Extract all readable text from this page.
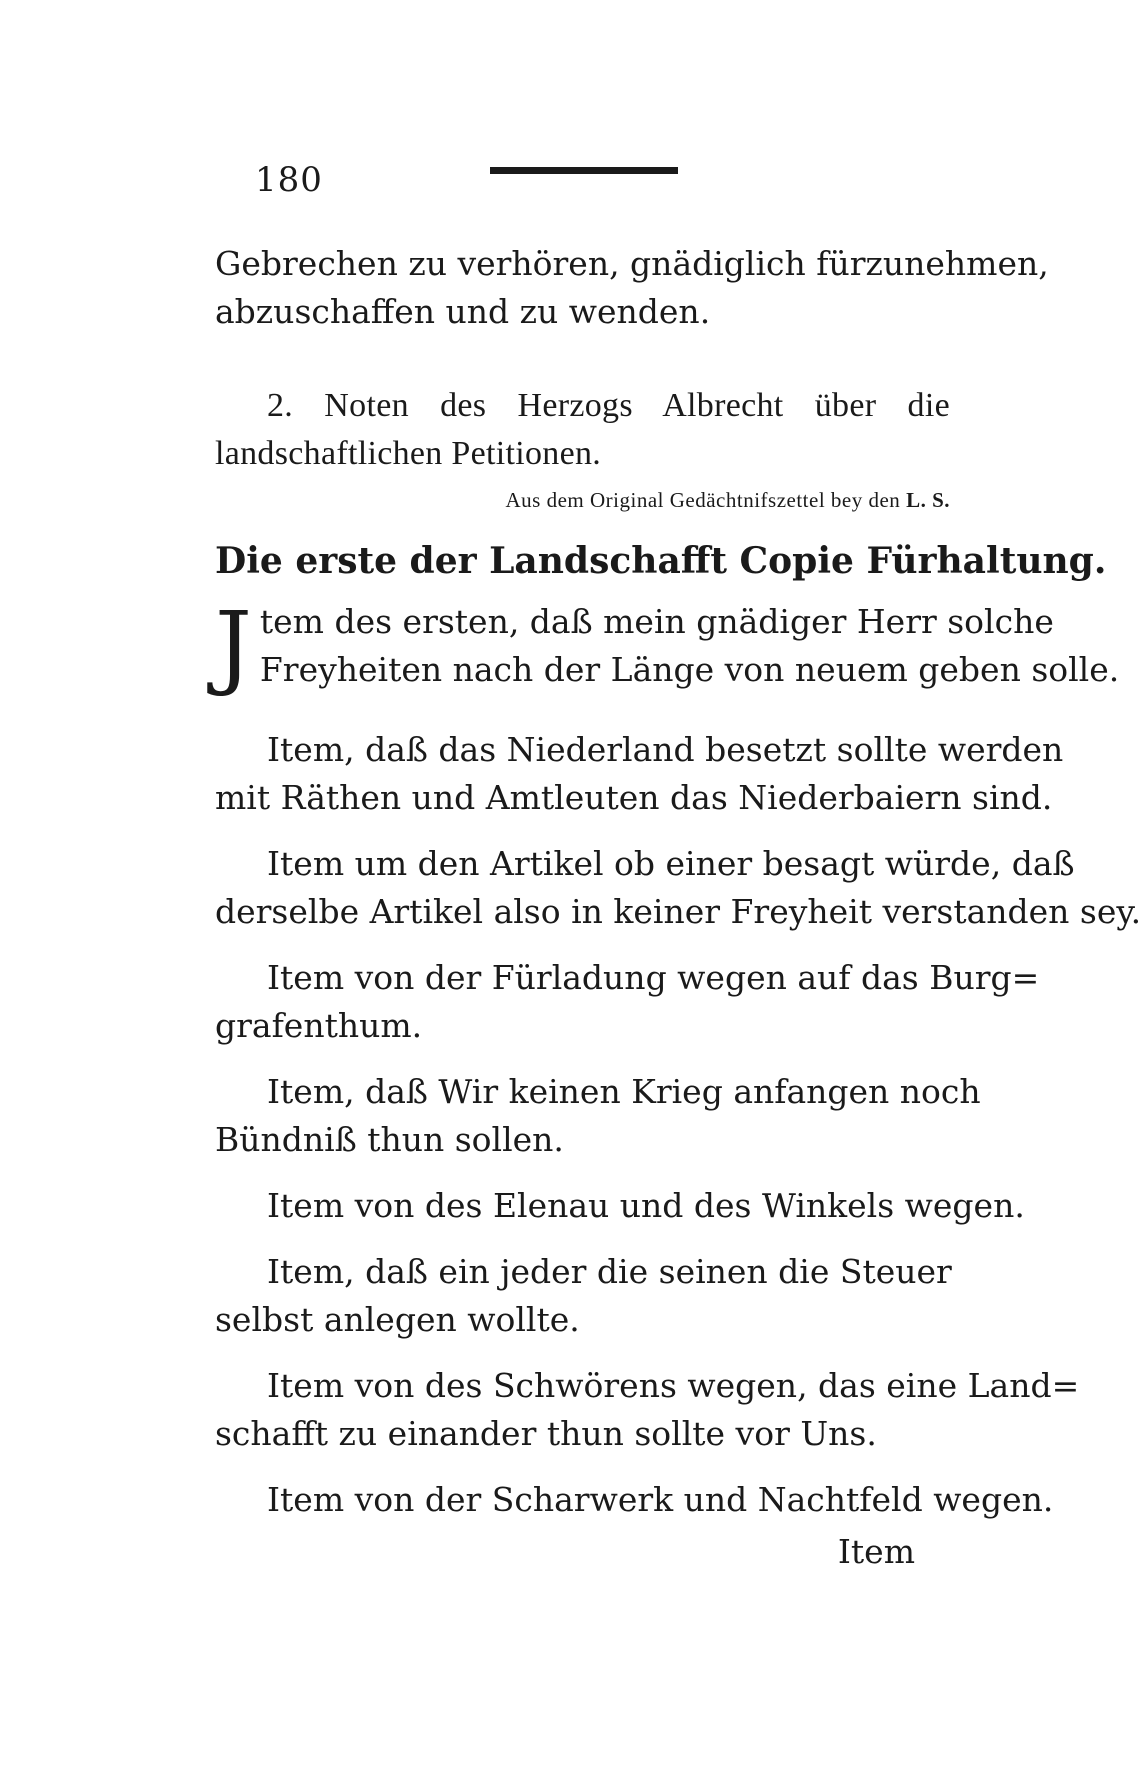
180
Gebrechen zu verhören, gnädiglich fürzunehmen,
abzuschaffen und zu wenden.
2. Noten des Herzogs Albrecht über die
landschaftlichen Petitionen.
Aus dem Original Gedächtnifszettel bey den L. S.
Die erste der Landschafft Copie Fürhaltung.
J tem des ersten, daß mein gnädiger Herr solche
Freyheiten nach der Länge von neuem geben solle.
Item, daß das Niederland besetzt sollte werden
mit Räthen und Amtleuten das Niederbaiern sind.
Item um den Artikel ob einer besagt würde, daß
derselbe Artikel also in keiner Freyheit verstanden sey.
Item von der Fürladung wegen auf das Burg=
grafenthum.
Item, daß Wir keinen Krieg anfangen noch
Bündniß thun sollen.
Item von des Elenau und des Winkels wegen.
Item, daß ein jeder die seinen die Steuer
selbst anlegen wollte.
Item von des Schwörens wegen, das eine Land=
schafft zu einander thun sollte vor Uns.
Item von der Scharwerk und Nachtfeld wegen.
Item
